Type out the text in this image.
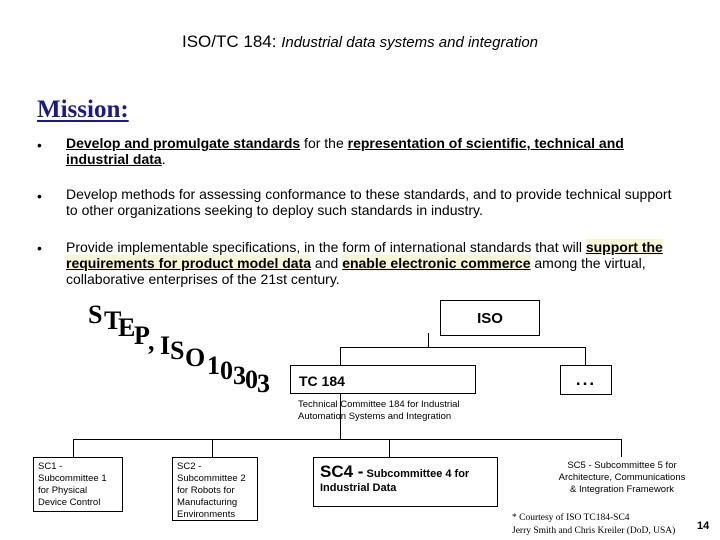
ISO/TC 184: Industrial data systems and integration
Mission:
• Develop and promulgate standards for the representation of scientific, technical and industrial data.
• Develop methods for assessing conformance to these standards, and to provide technical support to other organizations seeking to deploy such standards in industry.
• Provide implementable specifications, in the form of international standards that will support the requirements for product model data and enable electronic commerce among the virtual, collaborative enterprises of the 21st century.
S T
E
P
, I S O 1 0 3 0 3
ISO
TC 184
Technical Committee 184 for Industrial Automation Systems and Integration
...
SC1 - Subcommittee 1 for Physical Device Control
SC2 - Subcommittee 2 for Robots for Manufacturing Environments
SC4 - Subcommittee 4 for Industrial Data
SC5 - Subcommittee 5 for Architecture, Communications & Integration Framework
* Courtesy of ISO TC184-SC4
Jerry Smith and Chris Kreiler (DoD, USA) 14
